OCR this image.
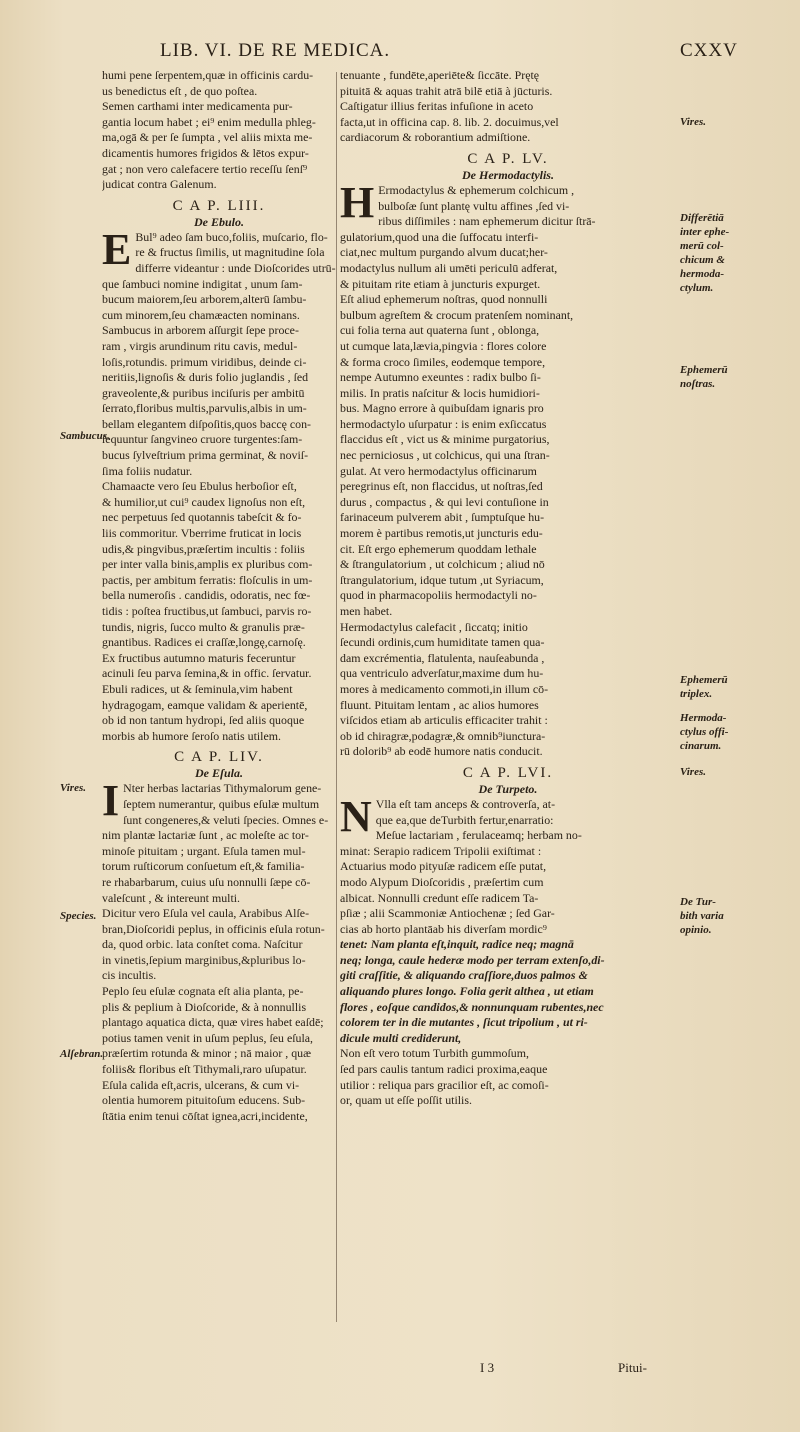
LIB. VI. DE RE MEDICA.	CXXV
humi pene ſerpentem,quæ in officinis cardu-
us benedictus eſt , de quo poſtea.
Semen carthami inter medicamenta pur-
gantia locum habet ; ei⁹ enim medulla phleg-
ma,ogā & per ſe ſumpta , vel aliis mixta me-
dicamentis humores frigidos & lētos expur-
gat ; non vero calefacere tertio receſſu ſenſ⁹
judicat contra Galenum.
C A P. LIII.
De Ebulo.
E Bul⁹ adeo ſam buco,foliis, muſcario, flo-
re & fructus ſimilis, ut magnitudine ſola
differre videantur : unde Dioſcorides utrū-
que ſambuci nomine indigitat , unum ſam-
bucum maiorem,ſeu arborem,alterū ſambu-
cum minorem,ſeu chamæacten nominans.
Sambucus in arborem aſſurgit ſepe proce-
ram , virgis arundinum ritu cavis, medul-
loſis,rotundis. primum viridibus, deinde ci-
neritiis,lignoſis & duris folio juglandis , ſed
graveolente,& puribus inciſuris per ambitū
ſerrato,floribus multis,parvulis,albis in um-
bellam elegantem diſpoſitis,quos baccę con-
ſequuntur ſangvineo cruore turgentes:ſam-
bucus ſylveſtrium prima germinat, & noviſ-
ſima foliis nudatur.
Chamaacte vero ſeu Ebulus herboſior eſt,
& humilior,ut cui⁹ caudex lignoſus non eſt,
nec perpetuus ſed quotannis tabeſcit & fo-
liis commoritur. Vberrime fruticat in locis
udis,& pingvibus,præſertim incultis : foliis
per inter valla binis,amplis ex pluribus com-
pactis, per ambitum ferratis: floſculis in um-
bella numeroſis . candidis, odoratis, nec fœ-
tidis : poſtea fructibus,ut ſambuci, parvis ro-
tundis, nigris, ſucco multo & granulis præ-
gnantibus. Radices ei craſſæ,longę,carnoſę.
Ex fructibus autumno maturis feceruntur
acinuli ſeu parva ſemina,& in offic. ſervatur.
Ebuli radices, ut & ſeminula,vim habent
hydragogam, eamque validam & aperientē,
ob id non tantum hydropi, ſed aliis quoque
morbis ab humore ſeroſo natis utilem.
C A P. LIV.
De Eſula.
I Nter herbas lactarias Tithymalorum gene-
ſeptem numerantur, quibus eſulæ multum
ſunt congeneres,& veluti ſpecies. Omnes e-
nim plantæ lactariæ ſunt , ac moleſte ac tor-
minoſe pituitam ; urgant. Eſula tamen mul-
torum ruſticorum conſuetum eſt,& familia-
re rhabarbarum, cuius uſu nonnulli ſæpe cō-
valeſcunt , & intereunt multi.
Dicitur vero Eſula vel caula, Arabibus Alſe-
bran,Dioſcoridi peplus, in officinis eſula rotun-
da, quod orbic. lata conſtet coma. Naſcitur
in vinetis,ſepium marginibus,&pluribus lo-
cis incultis.
Peplo ſeu eſulæ cognata eſt alia planta, pe-
plis & peplium à Dioſcoride, & à nonnullis
plantago aquatica dicta, quæ vires habet eaſdē;
potius tamen venit in uſum peplus, ſeu eſula,
præſertim rotunda & minor ; nā maior , quæ
foliis& floribus eſt Tithymali,raro uſupatur.
Eſula calida eſt,acris, ulcerans, & cum vi-
olentia humorem pituitoſum educens. Sub-
ſtātia enim tenui cōſtat ignea,acri,incidente,
Sambucus.
Vires.
Species.
Alſebran.
tenuante , fundēte,aperiēte& ſiccāte. Prętę
pituitā & aquas trahit atrā bilē etiā à jūcturis.
Caſtigatur illius feritas infuſione in aceto
facta,ut in officina cap. 8. lib. 2. docuimus,vel
cardiacorum & roborantium admiſtione.
C A P. LV.
De Hermodactylis.
H Ermodactylus & ephemerum colchicum ,
bulboſæ ſunt plantę vultu affines ,ſed vi-
ribus diſſimiles : nam ephemerum dicitur ſtrā-
gulatorium,quod una die ſuffocatu interfi-
ciat,nec multum purgando alvum ducat;her-
modactylus nullum ali umēti periculū adferat,
& pituitam rite etiam à juncturis expurget.
Eſt aliud ephemerum noſtras, quod nonnulli
bulbum agreſtem & crocum pratenſem nominant,
cui folia terna aut quaterna ſunt , oblonga,
ut cumque lata,lævia,pingvia : flores colore
& forma croco ſimiles, eodemque tempore,
nempe Autumno exeuntes : radix bulbo ſi-
milis. In pratis naſcitur & locis humidiori-
bus. Magno errore à quibuſdam ignaris pro
hermodactylo uſurpatur : is enim exſiccatus
flaccidus eſt , vict us & minime purgatorius,
nec perniciosus , ut colchicus, qui una ſtran-
gulat. At vero hermodactylus officinarum
peregrinus eſt, non flaccidus, ut noſtras,ſed
durus , compactus , & qui levi contuſione in
farinaceum pulverem abit , ſumptuſque hu-
morem è partibus remotis,ut juncturis edu-
cit. Eſt ergo ephemerum quoddam lethale
& ſtrangulatorium , ut colchicum ; aliud nō
ſtrangulatorium, idque tutum ,ut Syriacum,
quod in pharmacopoliis hermodactyli no-
men habet.
Hermodactylus calefacit , ſiccatq; initio
ſecundi ordinis,cum humiditate tamen qua-
dam excrémentia, flatulenta, nauſeabunda ,
qua ventriculo adverſatur,maxime dum hu-
mores à medicamento commoti,in illum cō-
fluunt. Pituitam lentam , ac alios humores
viſcidos etiam ab articulis efficaciter trahit :
ob id chiragræ,podagræ,& omnib⁹iunctura-
rū dolorib⁹ ab eodē humore natis conducit.
C A P. LVI.
De Turpeto.
N Vlla eſt tam anceps & controverſa, at-
que ea,que deTurbith fertur,enarratio:
Meſue lactariam , ferulaceamq; herbam no-
minat: Serapio radicem Tripolii exiſtimat :
Actuarius modo pityuſæ radicem eſſe putat,
modo Alypum Dioſcoridis , præſertim cum
albicat. Nonnulli credunt eſſe radicem Ta-
pſiæ ; alii Scammoniæ Antiochenæ ; ſed Gar-
cias ab horto plantāab his diverſam mordic⁹
tenet: Nam planta eſt,inquit, radice neq; magnā
neq; longa, caule hederæ modo per terram extenſo,di-
giti craſſitie, & aliquando craſſiore,duos palmos &
aliquando plures longo. Folia gerit althea , ut etiam
flores , eoſque candidos,& nonnunquam rubentes,nec
colorem ter in die mutantes , ſicut tripolium , ut ri-
dicule multi crediderunt,
Non eſt vero totum Turbith gummoſum,
ſed pars caulis tantum radici proxima,eaque
utilior : reliqua pars gracilior eſt, ac comoſi-
or, quam ut eſſe poſſit utilis.
Vires.
Differētiā
inter ephe-
merū col-
chicum &
hermoda-
ctylum.
Ephemerū
noſtras.
Ephemerū
triplex.
Hermoda-
ctylus offi-
cinarum.
Vires.
De Tur-
bith varia
opinio.
I 3	Pitui-
